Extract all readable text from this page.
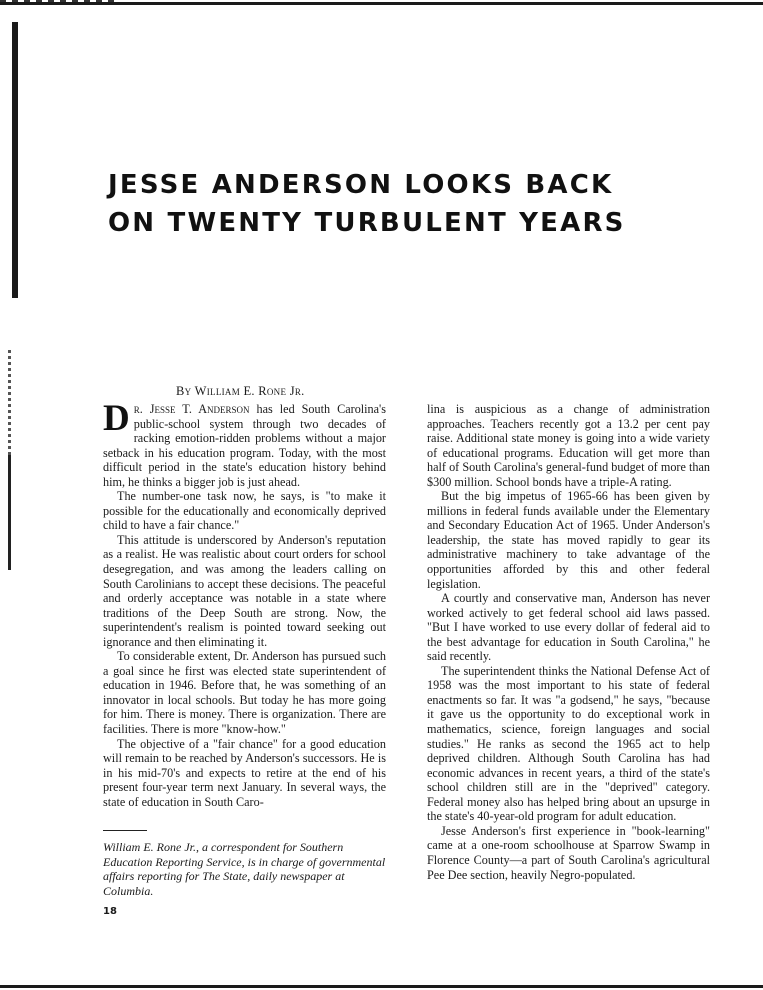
JESSE ANDERSON LOOKS BACK
ON TWENTY TURBULENT YEARS

By William E. Rone Jr.

Dr. Jesse T. Anderson has led South Carolina's public-school system through two decades of racking emotion-ridden problems without a major setback in his education program. Today, with the most difficult period in the state's education history behind him, he thinks a bigger job is just ahead.

The number-one task now, he says, is "to make it possible for the educationally and economically deprived child to have a fair chance."

This attitude is underscored by Anderson's reputation as a realist. He was realistic about court orders for school desegregation, and was among the leaders calling on South Carolinians to accept these decisions. The peaceful and orderly acceptance was notable in a state where traditions of the Deep South are strong. Now, the superintendent's realism is pointed toward seeking out ignorance and then eliminating it.

To considerable extent, Dr. Anderson has pursued such a goal since he first was elected state superintendent of education in 1946. Before that, he was something of an innovator in local schools. But today he has more going for him. There is money. There is organization. There are facilities. There is more "know-how."

The objective of a "fair chance" for a good education will remain to be reached by Anderson's successors. He is in his mid-70's and expects to retire at the end of his present four-year term next January. In several ways, the state of education in South Caro-

lina is auspicious as a change of administration approaches. Teachers recently got a 13.2 per cent pay raise. Additional state money is going into a wide variety of educational programs. Education will get more than half of South Carolina's general-fund budget of more than $300 million. School bonds have a triple-A rating.

But the big impetus of 1965-66 has been given by millions in federal funds available under the Elementary and Secondary Education Act of 1965. Under Anderson's leadership, the state has moved rapidly to gear its administrative machinery to take advantage of the opportunities afforded by this and other federal legislation.

A courtly and conservative man, Anderson has never worked actively to get federal school aid laws passed. "But I have worked to use every dollar of federal aid to the best advantage for education in South Carolina," he said recently.

The superintendent thinks the National Defense Act of 1958 was the most important to his state of federal enactments so far. It was "a godsend," he says, "because it gave us the opportunity to do exceptional work in mathematics, science, foreign languages and social studies." He ranks as second the 1965 act to help deprived children. Although South Carolina has had economic advances in recent years, a third of the state's school children still are in the "deprived" category. Federal money also has helped bring about an upsurge in the state's 40-year-old program for adult education.

Jesse Anderson's first experience in "book-learning" came at a one-room schoolhouse at Sparrow Swamp in Florence County—a part of South Carolina's agricultural Pee Dee section, heavily Negro-populated.

William E. Rone Jr., a correspondent for Southern Education Reporting Service, is in charge of governmental affairs reporting for The State, daily newspaper at Columbia.

18
